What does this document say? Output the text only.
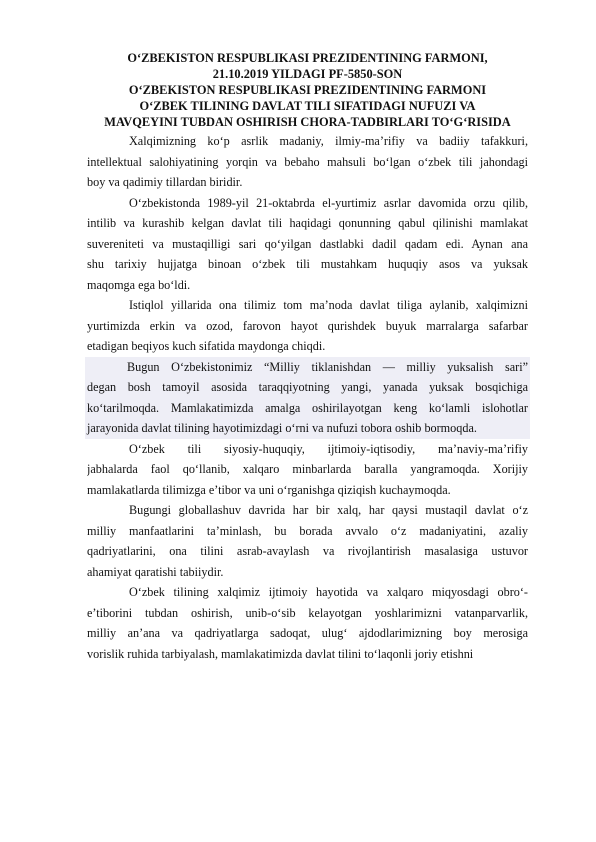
O‘ZBEKISTON RESPUBLIKASI PREZIDENTINING FARMONI,
21.10.2019 YILDAGI PF-5850-SON
O‘ZBEKISTON RESPUBLIKASI PREZIDENTINING FARMONI
O‘ZBEK TILINING DAVLAT TILI SIFATIDAGI NUFUZI VA
MAVQEYINI TUBDAN OSHIRISH CHORA-TADBIRLARI TO‘G‘RISIDA

Xalqimizning ko‘p asrlik madaniy, ilmiy-ma’rifiy va badiiy tafakkuri,
intellektual salohiyatining yorqin va bebaho mahsuli bo‘lgan o‘zbek tili jahondagi
boy va qadimiy tillardan biridir.

O‘zbekistonda 1989-yil 21-oktabrda el-yurtimiz asrlar davomida orzu qilib,
intilib va kurashib kelgan davlat tili haqidagi qonunning qabul qilinishi mamlakat
suvereniteti va mustaqilligi sari qo‘yilgan dastlabki dadil qadam edi. Aynan ana
shu tarixiy hujjatga binoan o‘zbek tili mustahkam huquqiy asos va yuksak
maqomga ega bo‘ldi.

Istiqlol yillarida ona tilimiz tom ma’noda davlat tiliga aylanib, xalqimizni
yurtimizda erkin va ozod, farovon hayot qurishdek buyuk marralarga safarbar
etadigan beqiyos kuch sifatida maydonga chiqdi.

Bugun O‘zbekistonimiz “Milliy tiklanishdan — milliy yuksalish sari”
degan bosh tamoyil asosida taraqqiyotning yangi, yanada yuksak bosqichiga
ko‘tarilmoqda. Mamlakatimizda amalga oshirilayotgan keng ko‘lamli islohotlar
jarayonida davlat tilining hayotimizdagi o‘rni va nufuzi tobora oshib bormoqda.

O‘zbek tili siyosiy-huquqiy, ijtimoiy-iqtisodiy, ma’naviy-ma’rifiy
jabhalarda faol qo‘llanib, xalqaro minbarlarda baralla yangramoqda. Xorijiy
mamlakatlarda tilimizga e’tibor va uni o‘rganishga qiziqish kuchaymoqda.

Bugungi globallashuv davrida har bir xalq, har qaysi mustaqil davlat o‘z
milliy manfaatlarini ta’minlash, bu borada avvalo o‘z madaniyatini, azaliy
qadriyatlarini, ona tilini asrab-avaylash va rivojlantirish masalasiga ustuvor
ahamiyat qaratishi tabiiydir.

O‘zbek tilining xalqimiz ijtimoiy hayotida va xalqaro miqyosdagi obro‘-
e’tiborini tubdan oshirish, unib-o‘sib kelayotgan yoshlarimizni vatanparvarlik,
milliy an’ana va qadriyatlarga sadoqat, ulug‘ ajdodlarimizning boy merosiga
vorislik ruhida tarbiyalash, mamlakatimizda davlat tilini to‘laqonli joriy etishni
